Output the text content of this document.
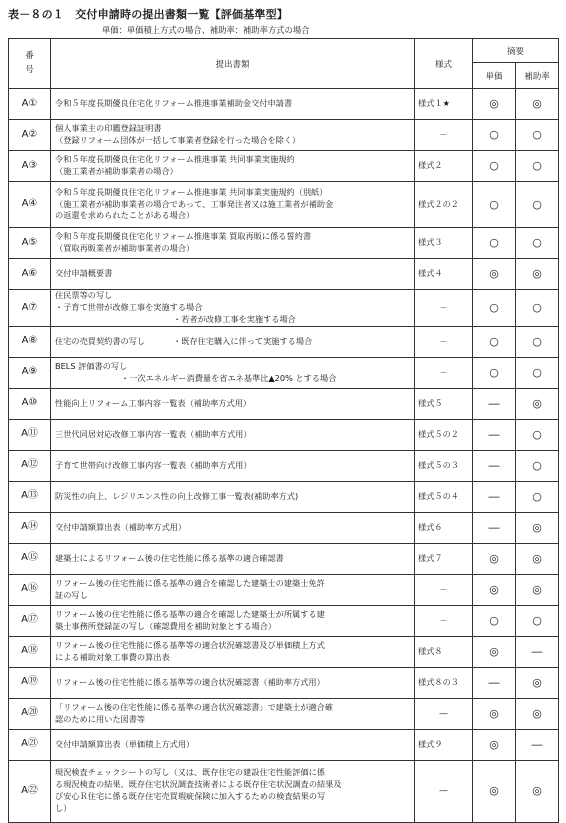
表－８の１　交付申請時の提出書類一覧【評価基準型】
単価：単価積上方式の場合、補助率：補助率方式の場合
番
号	提出書類	様式	摘要	
			単価	補助率
A①	令和５年度長期優良住宅化リフォーム推進事業補助金交付申請書	様式１★	◎	◎
A②	個人事業主の印鑑登録証明書
（登録リフォーム団体が一括して事業者登録を行った場合を除く）	－	○	○
A③	令和５年度長期優良住宅化リフォーム推進事業 共同事業実施規約
（施工業者が補助事業者の場合）	様式２	○	○
A④	令和５年度長期優良住宅化リフォーム推進事業 共同事業実施規約（別紙）
（施工業者が補助事業者の場合であって、工事発注者又は施工業者が補助金
の返還を求められたことがある場合）	様式２の２	○	○
A⑤	令和５年度長期優良住宅化リフォーム推進事業 買取再販に係る誓約書
（買取再販業者が補助事業者の場合）	様式３	○	○
A⑥	交付申請概要書	様式４	◎	◎
A⑦	住民票等の写し
・子育て世帯が改修工事を実施する場合
・若者が改修工事を実施する場合	－	○	○
A⑧	住宅の売買契約書の写し ・既存住宅購入に伴って実施する場合	－	○	○
A⑨	BELS 評価書の写し
・一次エネルギー消費量を省エネ基準比▲20% とする場合	－	○	○
A⑩	性能向上リフォーム工事内容一覧表（補助率方式用）	様式５	―	◎
A⑪	三世代同居対応改修工事内容一覧表（補助率方式用）	様式５の２	―	○
A⑫	子育て世帯向け改修工事内容一覧表（補助率方式用）	様式５の３	―	○
A⑬	防災性の向上、レジリエンス性の向上改修工事一覧表(補助率方式)	様式５の４	―	○
A⑭	交付申請額算出表（補助率方式用）	様式６	―	◎
A⑮	建築士によるリフォーム後の住宅性能に係る基準の適合確認書	様式７	◎	◎
A⑯	リフォーム後の住宅性能に係る基準の適合を確認した建築士の建築士免許
証の写し	－	◎	◎
A⑰	リフォーム後の住宅性能に係る基準の適合を確認した建築士が所属する建
築士事務所登録証の写し（確認費用を補助対象とする場合）	－	○	○
A⑱	リフォーム後の住宅性能に係る基準等の適合状況確認書及び単価積上方式
による補助対象工事費の算出表	様式８	◎	―
A⑲	リフォーム後の住宅性能に係る基準等の適合状況確認書（補助率方式用）	様式８の３	―	◎
A⑳	「リフォーム後の住宅性能に係る基準の適合状況確認書」で建築士が適合確
認のために用いた図書等	―	◎	◎
A㉑	交付申請額算出表（単価積上方式用）	様式９	◎	―
A㉒	現況検査チェックシートの写し（又は、既存住宅の建設住宅性能評価に係
る現況検査の結果、既存住宅状況調査技術者による既存住宅状況調査の結果及
び安心Ｒ住宅に係る既存住宅売買瑕疵保険に加入するための検査結果の写
し）	―	◎	◎
